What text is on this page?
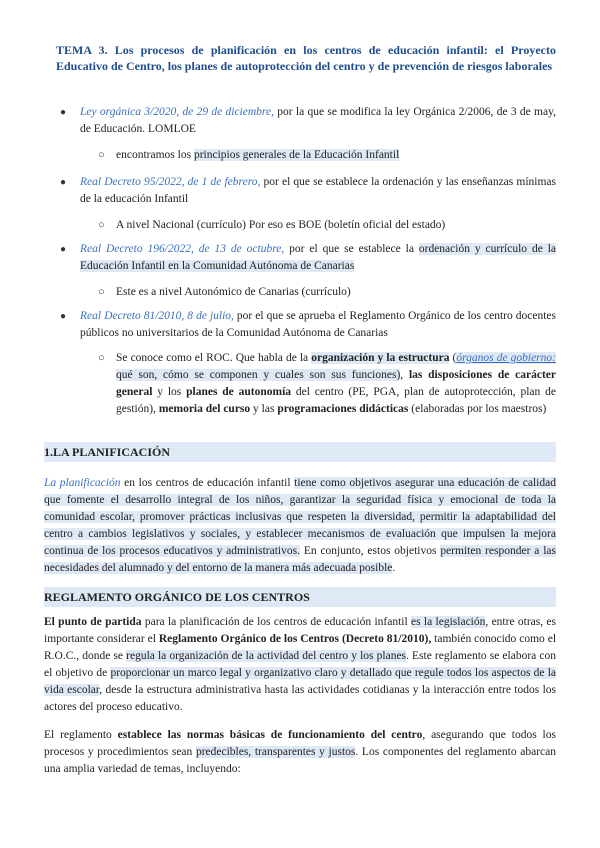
TEMA 3. Los procesos de planificación en los centros de educación infantil: el Proyecto Educativo de Centro, los planes de autoprotección del centro y de prevención de riesgos laborales
● Ley orgánica 3/2020, de 29 de diciembre, por la que se modifica la ley Orgánica 2/2006, de 3 de may, de Educación. LOMLOE
○ encontramos los principios generales de la Educación Infantil
● Real Decreto 95/2022, de 1 de febrero, por el que se establece la ordenación y las enseñanzas mínimas de la educación Infantil
○ A nivel Nacional (currículo) Por eso es BOE (boletín oficial del estado)
● Real Decreto 196/2022, de 13 de octubre, por el que se establece la ordenación y currículo de la Educación Infantil en la Comunidad Autónoma de Canarias
○ Este es a nivel Autonómico de Canarias (currículo)
● Real Decreto 81/2010, 8 de julio, por el que se aprueba el Reglamento Orgánico de los centro docentes públicos no universitarios de la Comunidad Autónoma de Canarias
○ Se conoce como el ROC. Que habla de la organización y la estructura (órganos de gobierno: qué son, cómo se componen y cuales son sus funciones), las disposiciones de carácter general y los planes de autonomía del centro (PE, PGA, plan de autoprotección, plan de gestión), memoria del curso y las programaciones didácticas (elaboradas por los maestros)
1.LA PLANIFICACIÓN
La planificación en los centros de educación infantil tiene como objetivos asegurar una educación de calidad que fomente el desarrollo integral de los niños, garantizar la seguridad física y emocional de toda la comunidad escolar, promover prácticas inclusivas que respeten la diversidad, permitir la adaptabilidad del centro a cambios legislativos y sociales, y establecer mecanismos de evaluación que impulsen la mejora continua de los procesos educativos y administrativos. En conjunto, estos objetivos permiten responder a las necesidades del alumnado y del entorno de la manera más adecuada posible.
REGLAMENTO ORGÁNICO DE LOS CENTROS
El punto de partida para la planificación de los centros de educación infantil es la legislación, entre otras, es importante considerar el Reglamento Orgánico de los Centros (Decreto 81/2010), también conocido como el R.O.C., donde se regula la organización de la actividad del centro y los planes. Este reglamento se elabora con el objetivo de proporcionar un marco legal y organizativo claro y detallado que regule todos los aspectos de la vida escolar, desde la estructura administrativa hasta las actividades cotidianas y la interacción entre todos los actores del proceso educativo.
El reglamento establece las normas básicas de funcionamiento del centro, asegurando que todos los procesos y procedimientos sean predecibles, transparentes y justos. Los componentes del reglamento abarcan una amplia variedad de temas, incluyendo:
